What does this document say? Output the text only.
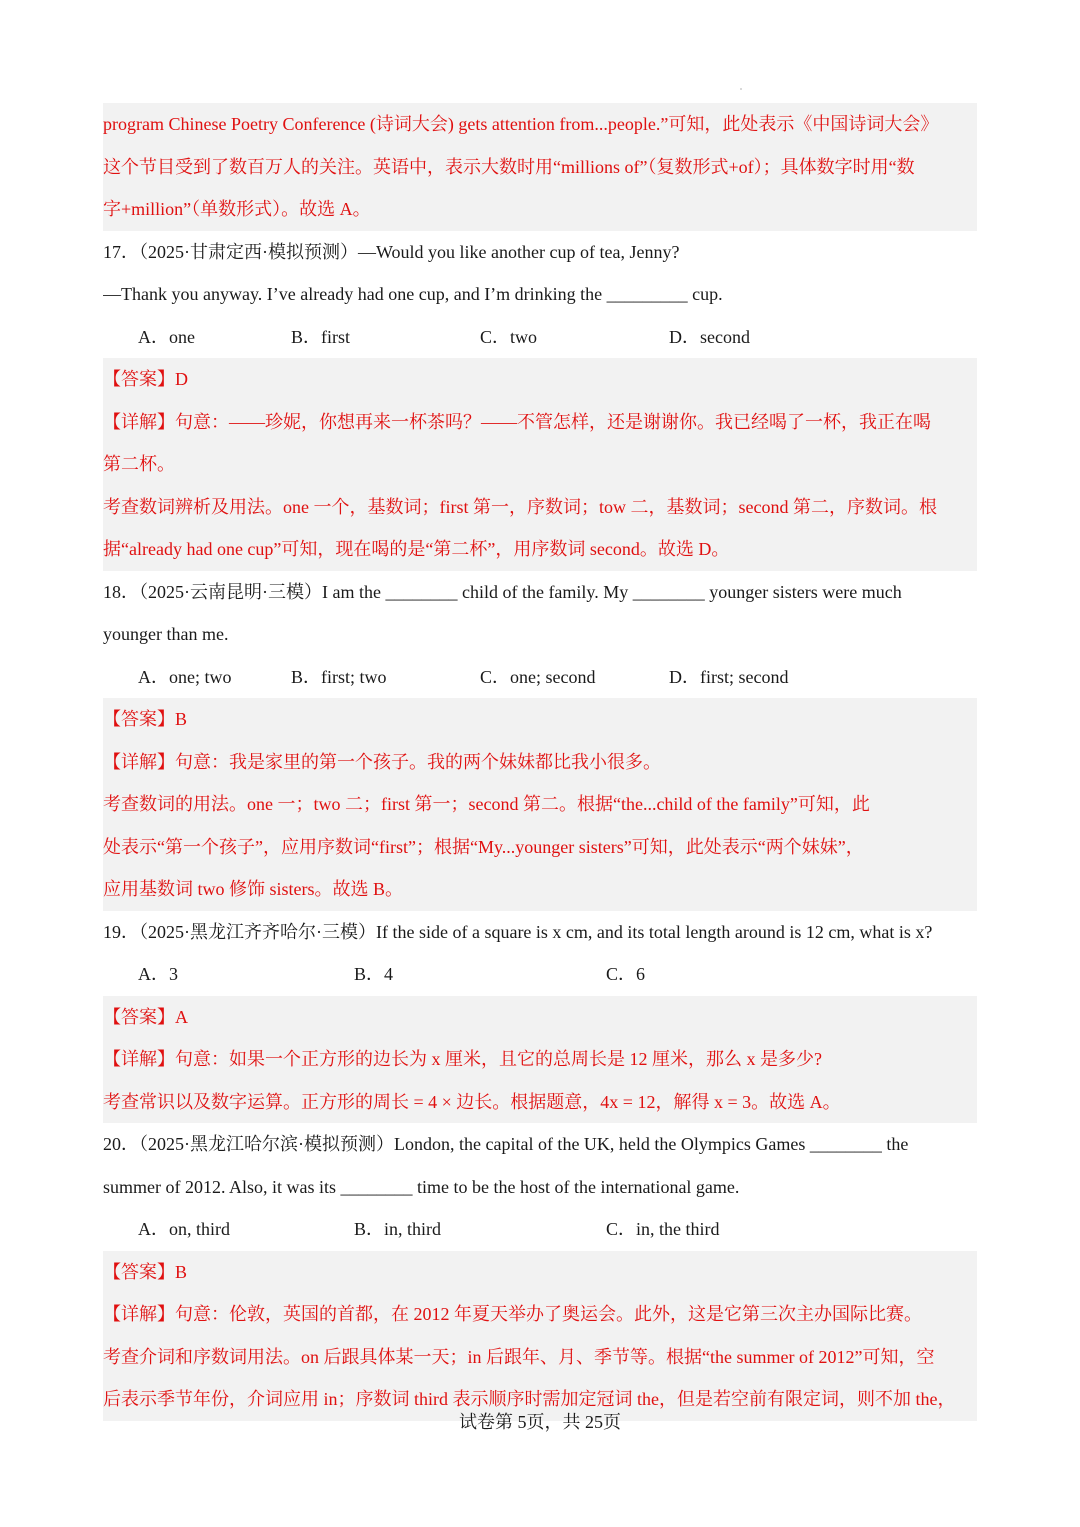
program Chinese Poetry Conference (诗词大会) gets attention from...people.”可知，此处表示《中国诗词大会》
这个节目受到了数百万人的关注。英语中，表示大数时用“millions of”（复数形式+of）；具体数字时用“数
字+million”（单数形式）。故选 A。
17．（2025·甘肃定西·模拟预测）—Would you like another cup of tea, Jenny?
—Thank you anyway. I’ve already had one cup, and I’m drinking the _________ cup.
A．one	B．first	C．two	D．second
【答案】D
【详解】句意：——珍妮，你想再来一杯茶吗？——不管怎样，还是谢谢你。我已经喝了一杯，我正在喝
第二杯。
考查数词辨析及用法。one 一个，基数词；first 第一，序数词；tow 二，基数词；second 第二，序数词。根
据“already had one cup”可知，现在喝的是“第二杯”，用序数词 second。故选 D。
18．（2025·云南昆明·三模）I am the ________ child of the family. My ________ younger sisters were much
younger than me.
A．one; two	B．first; two	C．one; second	D．first; second
【答案】B
【详解】句意：我是家里的第一个孩子。我的两个妹妹都比我小很多。
考查数词的用法。one 一；two 二；first 第一；second 第二。根据“the...child of the family”可知，此
处表示“第一个孩子”，应用序数词“first”；根据“My...younger sisters”可知，此处表示“两个妹妹”，
应用基数词 two 修饰 sisters。故选 B。
19．（2025·黑龙江齐齐哈尔·三模）If the side of a square is x cm, and its total length around is 12 cm, what is x?
A．3	B．4	C．6
【答案】A
【详解】句意：如果一个正方形的边长为 x 厘米，且它的总周长是 12 厘米，那么 x 是多少?
考查常识以及数字运算。正方形的周长 = 4 × 边长。根据题意，4x = 12，解得 x = 3。故选 A。
20．（2025·黑龙江哈尔滨·模拟预测）London, the capital of the UK, held the Olympics Games ________ the
summer of 2012. Also, it was its ________ time to be the host of the international game.
A．on, third	B．in, third	C．in, the third
【答案】B
【详解】句意：伦敦，英国的首都，在 2012 年夏天举办了奥运会。此外，这是它第三次主办国际比赛。
考查介词和序数词用法。on 后跟具体某一天；in 后跟年、月、季节等。根据“the summer of 2012”可知，空
后表示季节年份，介词应用 in；序数词 third 表示顺序时需加定冠词 the，但是若空前有限定词，则不加 the，
试卷第 5页，共 25页
